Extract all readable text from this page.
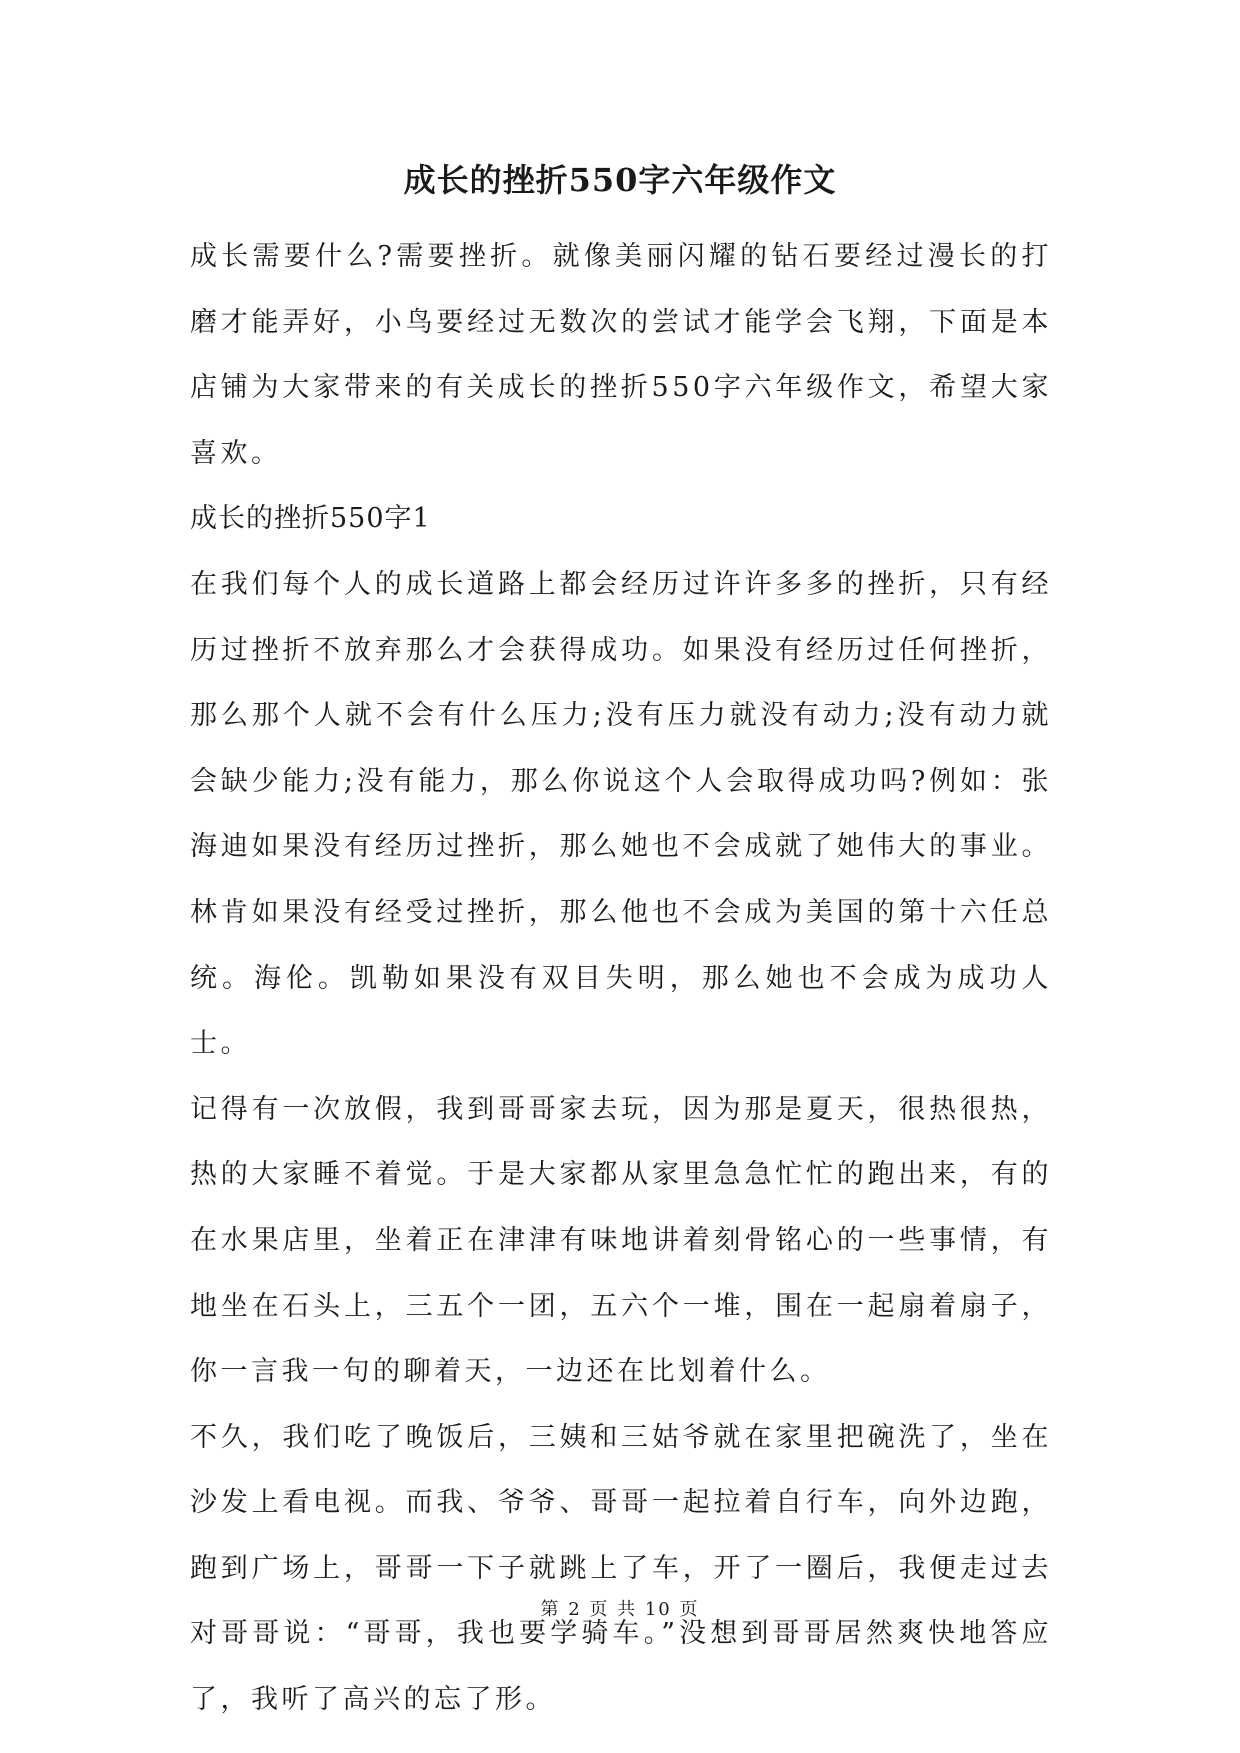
成长的挫折550字六年级作文

成长需要什么?需要挫折。就像美丽闪耀的钻石要经过漫长的打磨才能弄好，小鸟要经过无数次的尝试才能学会飞翔，下面是本店铺为大家带来的有关成长的挫折550字六年级作文，希望大家喜欢。

成长的挫折550字1

在我们每个人的成长道路上都会经历过许许多多的挫折，只有经历过挫折不放弃那么才会获得成功。如果没有经历过任何挫折，那么那个人就不会有什么压力;没有压力就没有动力;没有动力就会缺少能力;没有能力，那么你说这个人会取得成功吗?例如：张海迪如果没有经历过挫折，那么她也不会成就了她伟大的事业。林肯如果没有经受过挫折，那么他也不会成为美国的第十六任总统。海伦。凯勒如果没有双目失明，那么她也不会成为成功人士。

记得有一次放假，我到哥哥家去玩，因为那是夏天，很热很热，热的大家睡不着觉。于是大家都从家里急急忙忙的跑出来，有的在水果店里，坐着正在津津有味地讲着刻骨铭心的一些事情，有地坐在石头上，三五个一团，五六个一堆，围在一起扇着扇子，你一言我一句的聊着天，一边还在比划着什么。

不久，我们吃了晚饭后，三姨和三姑爷就在家里把碗洗了，坐在沙发上看电视。而我、爷爷、哥哥一起拉着自行车，向外边跑，跑到广场上，哥哥一下子就跳上了车，开了一圈后，我便走过去对哥哥说：“哥哥，我也要学骑车。”没想到哥哥居然爽快地答应了，我听了高兴的忘了形。

第 2 页 共 10 页
